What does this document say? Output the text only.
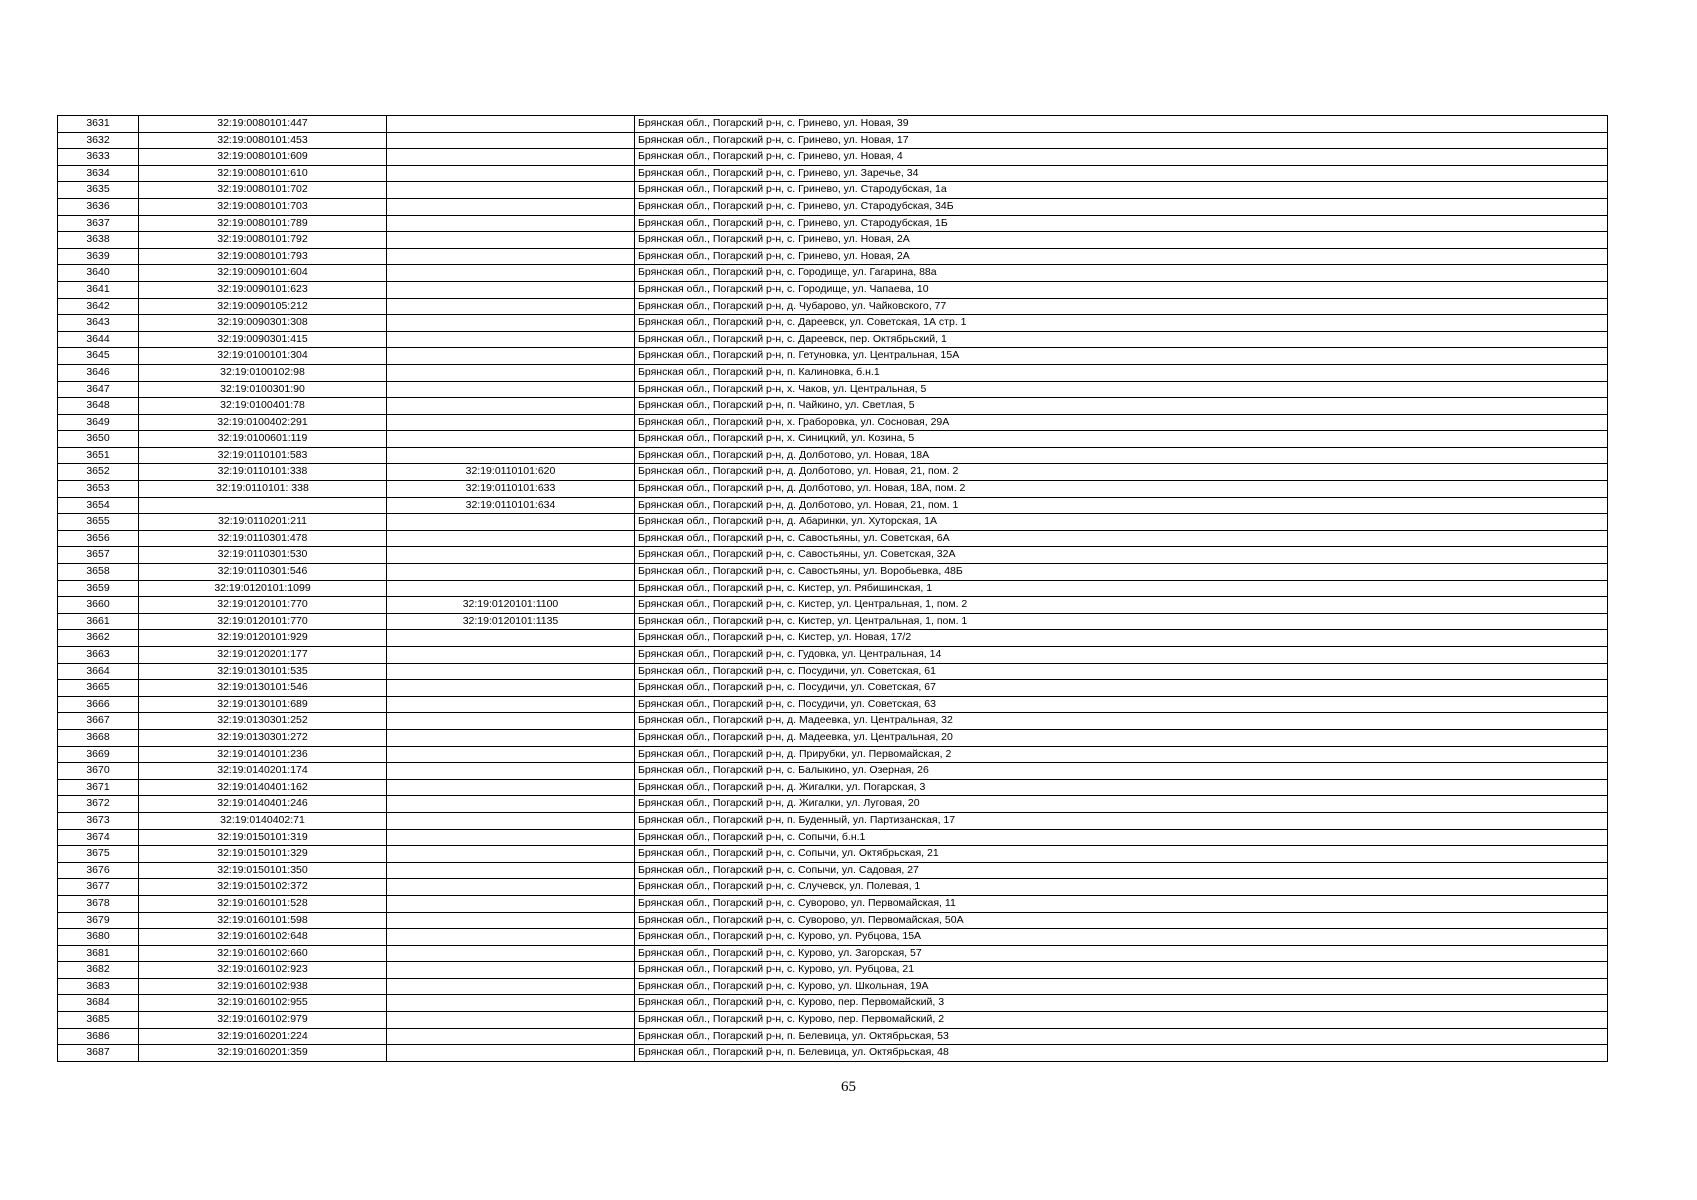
3631	32:19:0080101:447		Брянская обл., Погарский р-н, с. Гринево, ул. Новая, 39
3632	32:19:0080101:453		Брянская обл., Погарский р-н, с. Гринево, ул. Новая, 17
3633	32:19:0080101:609		Брянская обл., Погарский р-н, с. Гринево, ул. Новая, 4
3634	32:19:0080101:610		Брянская обл., Погарский р-н, с. Гринево, ул. Заречье, 34
3635	32:19:0080101:702		Брянская обл., Погарский р-н, с. Гринево, ул. Стародубская, 1а
3636	32:19:0080101:703		Брянская обл., Погарский р-н, с. Гринево, ул. Стародубская, 34Б
3637	32:19:0080101:789		Брянская обл., Погарский р-н, с. Гринево, ул. Стародубская, 1Б
3638	32:19:0080101:792		Брянская обл., Погарский р-н, с. Гринево, ул. Новая, 2А
3639	32:19:0080101:793		Брянская обл., Погарский р-н, с. Гринево, ул. Новая, 2А
3640	32:19:0090101:604		Брянская обл., Погарский р-н, с. Городище, ул. Гагарина, 88а
3641	32:19:0090101:623		Брянская обл., Погарский р-н, с. Городище, ул. Чапаева, 10
3642	32:19:0090105:212		Брянская обл., Погарский р-н, д. Чубарово, ул. Чайковского, 77
3643	32:19:0090301:308		Брянская обл., Погарский р-н, с. Дареевск, ул. Советская, 1А стр. 1
3644	32:19:0090301:415		Брянская обл., Погарский р-н, с. Дареевск, пер. Октябрьский, 1
3645	32:19:0100101:304		Брянская обл., Погарский р-н, п. Гетуновка, ул. Центральная, 15А
3646	32:19:0100102:98		Брянская обл., Погарский р-н, п. Калиновка, б.н.1
3647	32:19:0100301:90		Брянская обл., Погарский р-н, х. Чаков, ул. Центральная, 5
3648	32:19:0100401:78		Брянская обл., Погарский р-н, п. Чайкино, ул. Светлая, 5
3649	32:19:0100402:291		Брянская обл., Погарский р-н, х. Граборовка, ул. Сосновая, 29А
3650	32:19:0100601:119		Брянская обл., Погарский р-н, х. Синицкий, ул. Козина, 5
3651	32:19:0110101:583		Брянская обл., Погарский р-н, д. Долботово, ул. Новая, 18А
3652	32:19:0110101:338	32:19:0110101:620	Брянская обл., Погарский р-н, д. Долботово, ул. Новая, 21, пом. 2
3653	32:19:0110101: 338	32:19:0110101:633	Брянская обл., Погарский р-н, д. Долботово, ул. Новая, 18А, пом. 2
3654		32:19:0110101:634	Брянская обл., Погарский р-н, д. Долботово, ул. Новая, 21, пом. 1
3655	32:19:0110201:211		Брянская обл., Погарский р-н, д. Абаринки, ул. Хуторская, 1А
3656	32:19:0110301:478		Брянская обл., Погарский р-н, с. Савостьяны, ул. Советская, 6А
3657	32:19:0110301:530		Брянская обл., Погарский р-н, с. Савостьяны, ул. Советская, 32А
3658	32:19:0110301:546		Брянская обл., Погарский р-н, с. Савостьяны, ул. Воробьевка, 48Б
3659	32:19:0120101:1099		Брянская обл., Погарский р-н, с. Кистер, ул. Рябишинская, 1
3660	32:19:0120101:770	32:19:0120101:1100	Брянская обл., Погарский р-н, с. Кистер, ул. Центральная, 1, пом. 2
3661	32:19:0120101:770	32:19:0120101:1135	Брянская обл., Погарский р-н, с. Кистер, ул. Центральная, 1, пом. 1
3662	32:19:0120101:929		Брянская обл., Погарский р-н, с. Кистер, ул. Новая, 17/2
3663	32:19:0120201:177		Брянская обл., Погарский р-н, с. Гудовка, ул. Центральная, 14
3664	32:19:0130101:535		Брянская обл., Погарский р-н, с. Посудичи, ул. Советская, 61
3665	32:19:0130101:546		Брянская обл., Погарский р-н, с. Посудичи, ул. Советская, 67
3666	32:19:0130101:689		Брянская обл., Погарский р-н, с. Посудичи, ул. Советская, 63
3667	32:19:0130301:252		Брянская обл., Погарский р-н, д. Мадеевка, ул. Центральная, 32
3668	32:19:0130301:272		Брянская обл., Погарский р-н, д. Мадеевка, ул. Центральная, 20
3669	32:19:0140101:236		Брянская обл., Погарский р-н, д. Прирубки, ул. Первомайская, 2
3670	32:19:0140201:174		Брянская обл., Погарский р-н, с. Балыкино, ул. Озерная, 26
3671	32:19:0140401:162		Брянская обл., Погарский р-н, д. Жигалки, ул. Погарская, 3
3672	32:19:0140401:246		Брянская обл., Погарский р-н, д. Жигалки, ул. Луговая, 20
3673	32:19:0140402:71		Брянская обл., Погарский р-н, п. Буденный, ул. Партизанская, 17
3674	32:19:0150101:319		Брянская обл., Погарский р-н, с. Сопычи, б.н.1
3675	32:19:0150101:329		Брянская обл., Погарский р-н, с. Сопычи, ул. Октябрьская, 21
3676	32:19:0150101:350		Брянская обл., Погарский р-н, с. Сопычи, ул. Садовая, 27
3677	32:19:0150102:372		Брянская обл., Погарский р-н, с. Случевск, ул. Полевая, 1
3678	32:19:0160101:528		Брянская обл., Погарский р-н, с. Суворово, ул. Первомайская, 11
3679	32:19:0160101:598		Брянская обл., Погарский р-н, с. Суворово, ул. Первомайская, 50А
3680	32:19:0160102:648		Брянская обл., Погарский р-н, с. Курово, ул. Рубцова, 15А
3681	32:19:0160102:660		Брянская обл., Погарский р-н, с. Курово, ул. Загорская, 57
3682	32:19:0160102:923		Брянская обл., Погарский р-н, с. Курово, ул. Рубцова, 21
3683	32:19:0160102:938		Брянская обл., Погарский р-н, с. Курово, ул. Школьная, 19А
3684	32:19:0160102:955		Брянская обл., Погарский р-н, с. Курово, пер. Первомайский, 3
3685	32:19:0160102:979		Брянская обл., Погарский р-н, с. Курово, пер. Первомайский, 2
3686	32:19:0160201:224		Брянская обл., Погарский р-н, п. Белевица, ул. Октябрьская, 53
3687	32:19:0160201:359		Брянская обл., Погарский р-н, п. Белевица, ул. Октябрьская, 48
65
